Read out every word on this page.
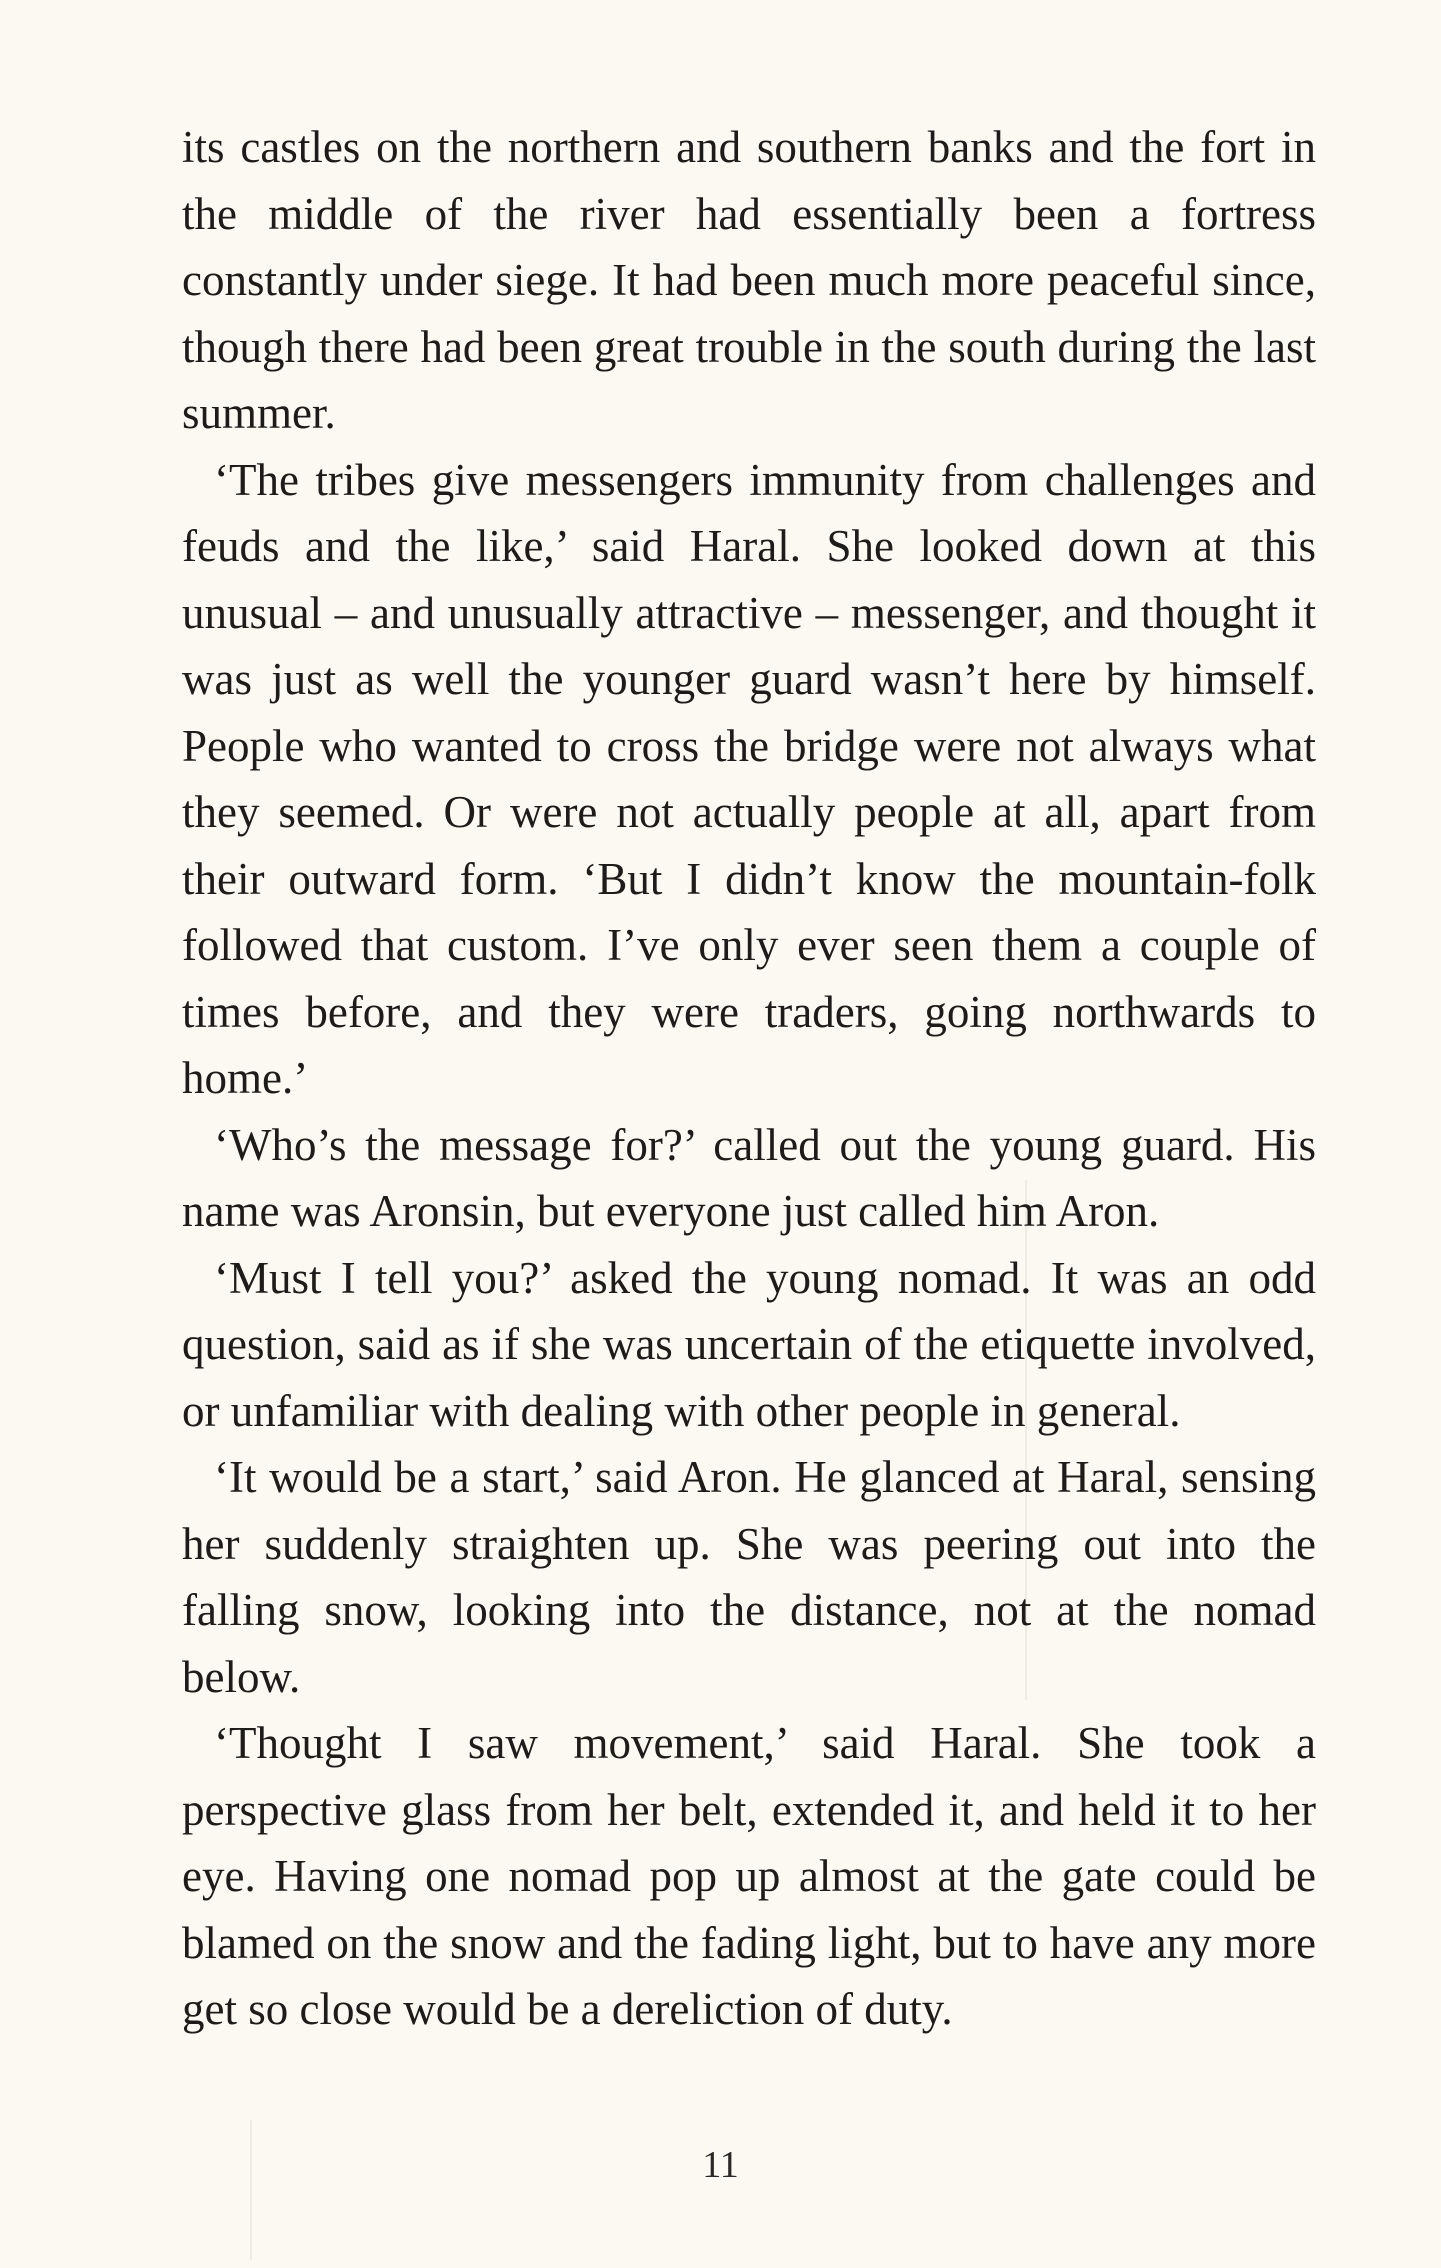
its castles on the northern and southern banks and the fort in the middle of the river had essentially been a fortress constantly under siege. It had been much more peaceful since, though there had been great trouble in the south during the last summer.

‘The tribes give messengers immunity from challenges and feuds and the like,’ said Haral. She looked down at this unusual – and unusually attractive – messenger, and thought it was just as well the younger guard wasn’t here by himself. People who wanted to cross the bridge were not always what they seemed. Or were not actually people at all, apart from their outward form. ‘But I didn’t know the mountain-folk followed that custom. I’ve only ever seen them a couple of times before, and they were traders, going northwards to home.’

‘Who’s the message for?’ called out the young guard. His name was Aronsin, but everyone just called him Aron.

‘Must I tell you?’ asked the young nomad. It was an odd question, said as if she was uncertain of the etiquette involved, or unfamiliar with dealing with other people in general.

‘It would be a start,’ said Aron. He glanced at Haral, sensing her suddenly straighten up. She was peering out into the falling snow, looking into the distance, not at the nomad below.

‘Thought I saw movement,’ said Haral. She took a perspective glass from her belt, extended it, and held it to her eye. Having one nomad pop up almost at the gate could be blamed on the snow and the fading light, but to have any more get so close would be a dereliction of duty.

11
